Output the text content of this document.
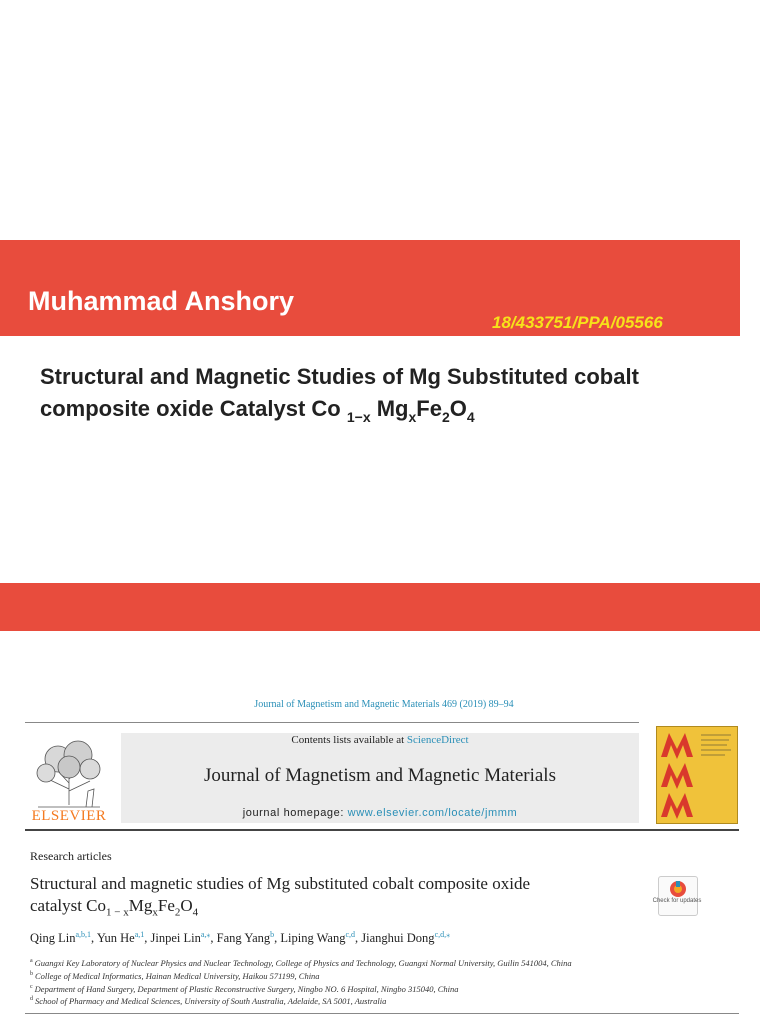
Muhammad Anshory
18/433751/PPA/05566
Structural and Magnetic Studies of Mg Substituted cobalt
composite oxide Catalyst Co $_{1-x}$ $Mg_xFe_2O_4$
Journal of Magnetism and Magnetic Materials 469 (2019) 89–94
ELSEVIER
Contents lists available at ScienceDirect
Journal of Magnetism and Magnetic Materials
journal homepage: www.elsevier.com/locate/jmmm
Research articles
Structural and magnetic studies of Mg substituted cobalt composite oxide
catalyst $Co_{1 - x}Mg_xFe_2O_4$
Check for updates
Qing Lin$^{a,b,1}$, Yun He$^{a,1}$, Jinpei Lin$^{a,⁎}$, Fang Yang$^b$, Liping Wang$^{c,d}$, Jianghui Dong$^{c,d,⁎}$
$^a$ Guangxi Key Laboratory of Nuclear Physics and Nuclear Technology, College of Physics and Technology, Guangxi Normal University, Guilin 541004, China
$^b$ College of Medical Informatics, Hainan Medical University, Haikou 571199, China
$^c$ Department of Hand Surgery, Department of Plastic Reconstructive Surgery, Ningbo NO. 6 Hospital, Ningbo 315040, China
$^d$ School of Pharmacy and Medical Sciences, University of South Australia, Adelaide, SA 5001, Australia
